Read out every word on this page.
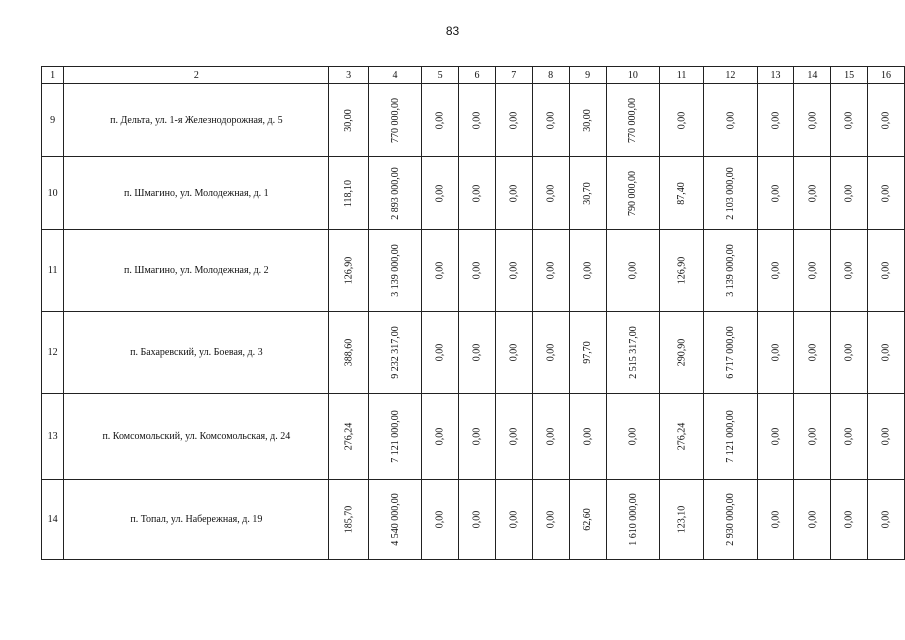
83
1	2	3	4	5	6	7	8	9	10	11	12	13	14	15	16
9	п. Дельта, ул. 1-я Железнодорожная, д. 5	30,00	770 000,00	0,00	0,00	0,00	0,00	30,00	770 000,00	0,00	0,00	0,00	0,00	0,00	0,00
10	п. Шмагино, ул. Молодежная, д. 1	118,10	2 893 000,00	0,00	0,00	0,00	0,00	30,70	790 000,00	87,40	2 103 000,00	0,00	0,00	0,00	0,00
11	п. Шмагино, ул. Молодежная, д. 2	126,90	3 139 000,00	0,00	0,00	0,00	0,00	0,00	0,00	126,90	3 139 000,00	0,00	0,00	0,00	0,00
12	п. Бахаревский, ул. Боевая, д. 3	388,60	9 232 317,00	0,00	0,00	0,00	0,00	97,70	2 515 317,00	290,90	6 717 000,00	0,00	0,00	0,00	0,00
13	п. Комсомольский, ул. Комсомольская, д. 24	276,24	7 121 000,00	0,00	0,00	0,00	0,00	0,00	0,00	276,24	7 121 000,00	0,00	0,00	0,00	0,00
14	п. Топал, ул. Набережная, д. 19	185,70	4 540 000,00	0,00	0,00	0,00	0,00	62,60	1 610 000,00	123,10	2 930 000,00	0,00	0,00	0,00	0,00
